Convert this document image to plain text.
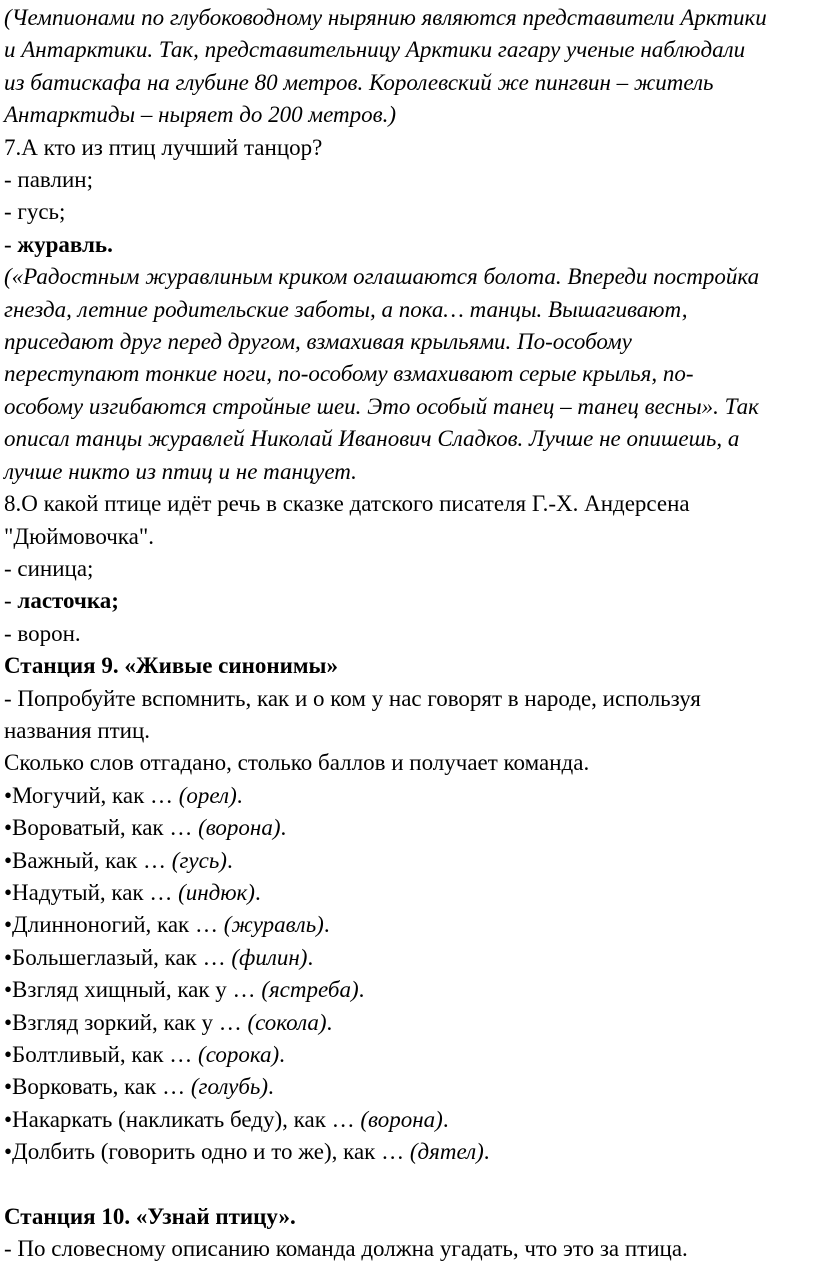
(Чемпионами по глубоководному нырянию являются представители Арктики
и Антарктики. Так, представительницу Арктики гагару ученые наблюдали
из батискафа на глубине 80 метров. Королевский же пингвин – житель
Антарктиды – ныряет до 200 метров.)
7.А кто из птиц лучший танцор?
- павлин;
- гусь;
- журавль.
(«Радостным журавлиным криком оглашаются болота. Впереди постройка
гнезда, летние родительские заботы, а пока… танцы. Вышагивают,
приседают друг перед другом, взмахивая крыльями. По-особому
переступают тонкие ноги, по-особому взмахивают серые крылья, по-
особому изгибаются стройные шеи. Это особый танец – танец весны». Так
описал танцы журавлей Николай Иванович Сладков. Лучше не опишешь, а
лучше никто из птиц и не танцует.
8.О какой птице идёт речь в сказке датского писателя Г.-Х. Андерсена
"Дюймовочка".
- синица;
- ласточка;
- ворон.
Станция 9. «Живые синонимы»
- Попробуйте вспомнить, как и о ком у нас говорят в народе, используя
названия птиц.
Сколько слов отгадано, столько баллов и получает команда.
•Могучий, как … (орел).
•Вороватый, как … (ворона).
•Важный, как … (гусь).
•Надутый, как … (индюк).
•Длинноногий, как … (журавль).
•Большеглазый, как … (филин).
•Взгляд хищный, как у … (ястреба).
•Взгляд зоркий, как у … (сокола).
•Болтливый, как … (сорока).
•Ворковать, как … (голубь).
•Накаркать (накликать беду), как … (ворона).
•Долбить (говорить одно и то же), как … (дятел).
Станция 10. «Узнай птицу».
- По словесному описанию команда должна угадать, что это за птица.
